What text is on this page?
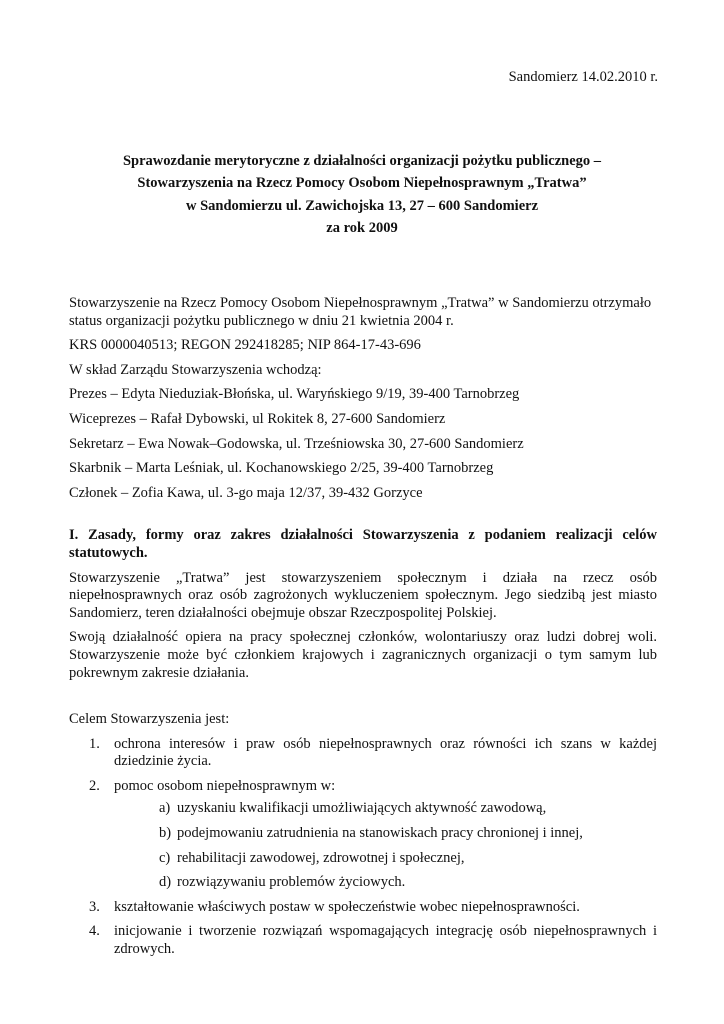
Sandomierz 14.02.2010 r.
Sprawozdanie merytoryczne z działalności organizacji pożytku publicznego –
Stowarzyszenia na Rzecz Pomocy Osobom Niepełnosprawnym „Tratwa”
w Sandomierzu ul. Zawichojska 13, 27 – 600 Sandomierz
za rok 2009

Stowarzyszenie na Rzecz Pomocy Osobom Niepełnosprawnym „Tratwa” w Sandomierzu otrzymało status organizacji pożytku publicznego w dniu 21 kwietnia 2004 r.

KRS 0000040513; REGON 292418285; NIP 864-17-43-696

W skład Zarządu Stowarzyszenia wchodzą:

Prezes – Edyta Nieduziak-Błońska, ul. Waryńskiego 9/19, 39-400 Tarnobrzeg

Wiceprezes – Rafał Dybowski, ul Rokitek 8, 27-600 Sandomierz

Sekretarz – Ewa Nowak–Godowska, ul. Trześniowska 30, 27-600 Sandomierz

Skarbnik – Marta Leśniak, ul. Kochanowskiego 2/25, 39-400 Tarnobrzeg

Członek – Zofia Kawa, ul. 3-go maja 12/37, 39-432 Gorzyce

I. Zasady, formy oraz zakres działalności Stowarzyszenia z podaniem realizacji celów statutowych.

Stowarzyszenie „Tratwa” jest stowarzyszeniem społecznym i działa na rzecz osób niepełnosprawnych oraz osób zagrożonych wykluczeniem społecznym. Jego siedzibą jest miasto Sandomierz, teren działalności obejmuje obszar Rzeczpospolitej Polskiej.

Swoją działalność opiera na pracy społecznej członków, wolontariuszy oraz ludzi dobrej woli. Stowarzyszenie może być członkiem krajowych i zagranicznych organizacji o tym samym lub pokrewnym zakresie działania.

Celem Stowarzyszenia jest:

1. ochrona interesów i praw osób niepełnosprawnych oraz równości ich szans w każdej dziedzinie życia.
2. pomoc osobom niepełnosprawnym w:
a) uzyskaniu kwalifikacji umożliwiających aktywność zawodową,
b) podejmowaniu zatrudnienia na stanowiskach pracy chronionej i innej,
c) rehabilitacji zawodowej, zdrowotnej i społecznej,
d) rozwiązywaniu problemów życiowych.
3. kształtowanie właściwych postaw w społeczeństwie wobec niepełnosprawności.
4. inicjowanie i tworzenie rozwiązań wspomagających integrację osób niepełnosprawnych i zdrowych.
